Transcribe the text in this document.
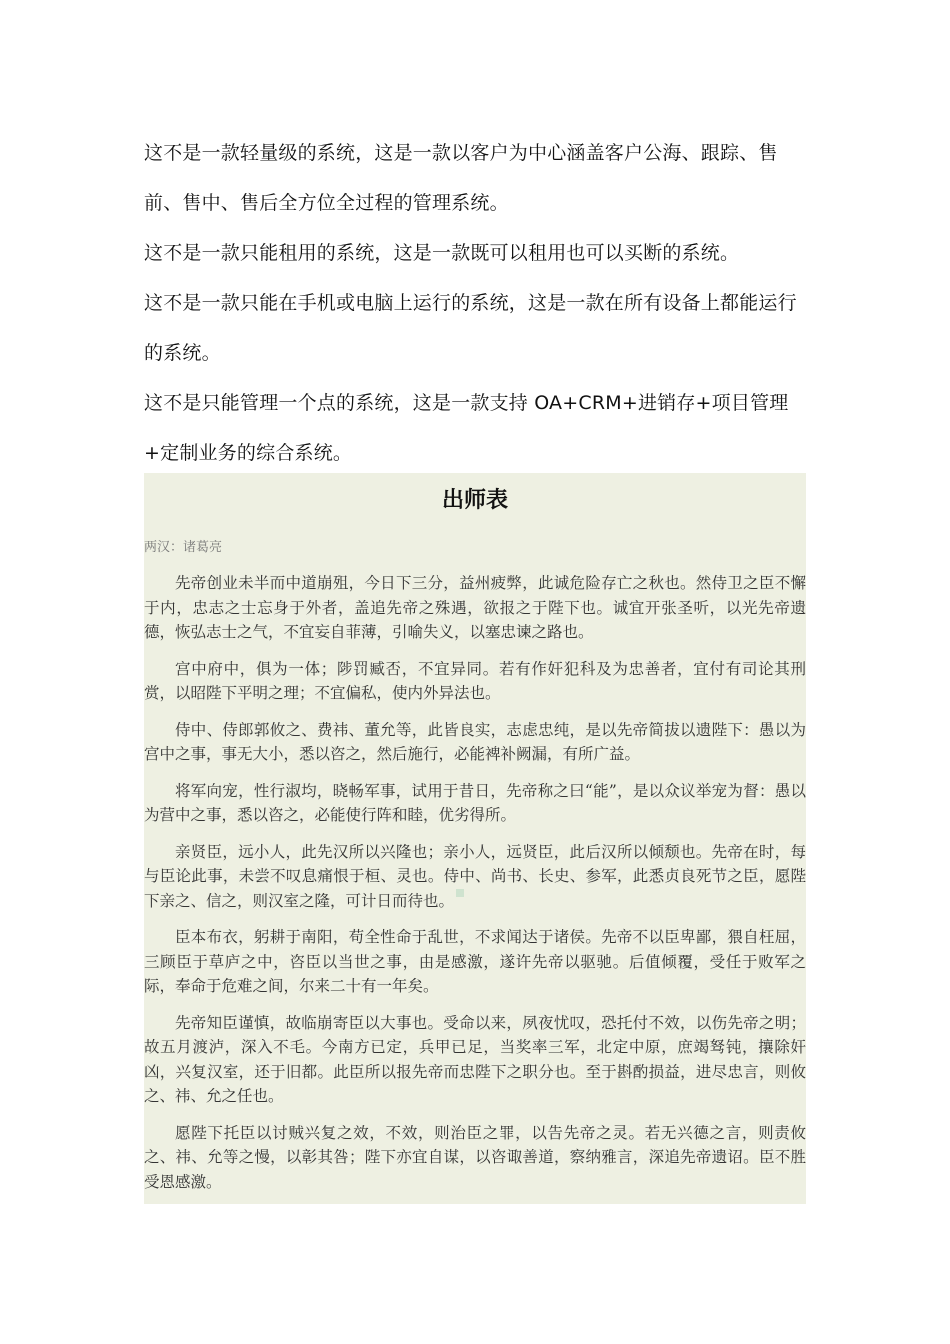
这不是一款轻量级的系统，这是一款以客户为中心涵盖客户公海、跟踪、售前、售中、售后全方位全过程的管理系统。

这不是一款只能租用的系统，这是一款既可以租用也可以买断的系统。

这不是一款只能在手机或电脑上运行的系统，这是一款在所有设备上都能运行的系统。

这不是只能管理一个点的系统，这是一款支持 OA+CRM+进销存+项目管理+定制业务的综合系统。

出师表
两汉：诸葛亮

先帝创业未半而中道崩殂，今日下三分，益州疲弊，此诚危险存亡之秋也。然侍卫之臣不懈于内，忠志之士忘身于外者，盖追先帝之殊遇，欲报之于陛下也。诚宜开张圣听，以光先帝遗德，恢弘志士之气，不宜妄自菲薄，引喻失义，以塞忠谏之路也。

宫中府中，俱为一体；陟罚臧否，不宜异同。若有作奸犯科及为忠善者，宜付有司论其刑赏，以昭陛下平明之理；不宜偏私，使内外异法也。

侍中、侍郎郭攸之、费祎、董允等，此皆良实，志虑忠纯，是以先帝简拔以遗陛下：愚以为宫中之事，事无大小，悉以咨之，然后施行，必能裨补阙漏，有所广益。

将军向宠，性行淑均，晓畅军事，试用于昔日，先帝称之曰“能”，是以众议举宠为督：愚以为营中之事，悉以咨之，必能使行阵和睦，优劣得所。

亲贤臣，远小人，此先汉所以兴隆也；亲小人，远贤臣，此后汉所以倾颓也。先帝在时，每与臣论此事，未尝不叹息痛恨于桓、灵也。侍中、尚书、长史、参军，此悉贞良死节之臣，愿陛下亲之、信之，则汉室之隆，可计日而待也。

臣本布衣，躬耕于南阳，苟全性命于乱世，不求闻达于诸侯。先帝不以臣卑鄙，猥自枉屈，三顾臣于草庐之中，咨臣以当世之事，由是感激，遂许先帝以驱驰。后值倾覆，受任于败军之际，奉命于危难之间，尔来二十有一年矣。

先帝知臣谨慎，故临崩寄臣以大事也。受命以来，夙夜忧叹，恐托付不效，以伤先帝之明；故五月渡泸，深入不毛。今南方已定，兵甲已足，当奖率三军，北定中原，庶竭驽钝，攘除奸凶，兴复汉室，还于旧都。此臣所以报先帝而忠陛下之职分也。至于斟酌损益，进尽忠言，则攸之、祎、允之任也。

愿陛下托臣以讨贼兴复之效，不效，则治臣之罪，以告先帝之灵。若无兴德之言，则责攸之、祎、允等之慢，以彰其咎；陛下亦宜自谋，以咨诹善道，察纳雅言，深追先帝遗诏。臣不胜受恩感激。
